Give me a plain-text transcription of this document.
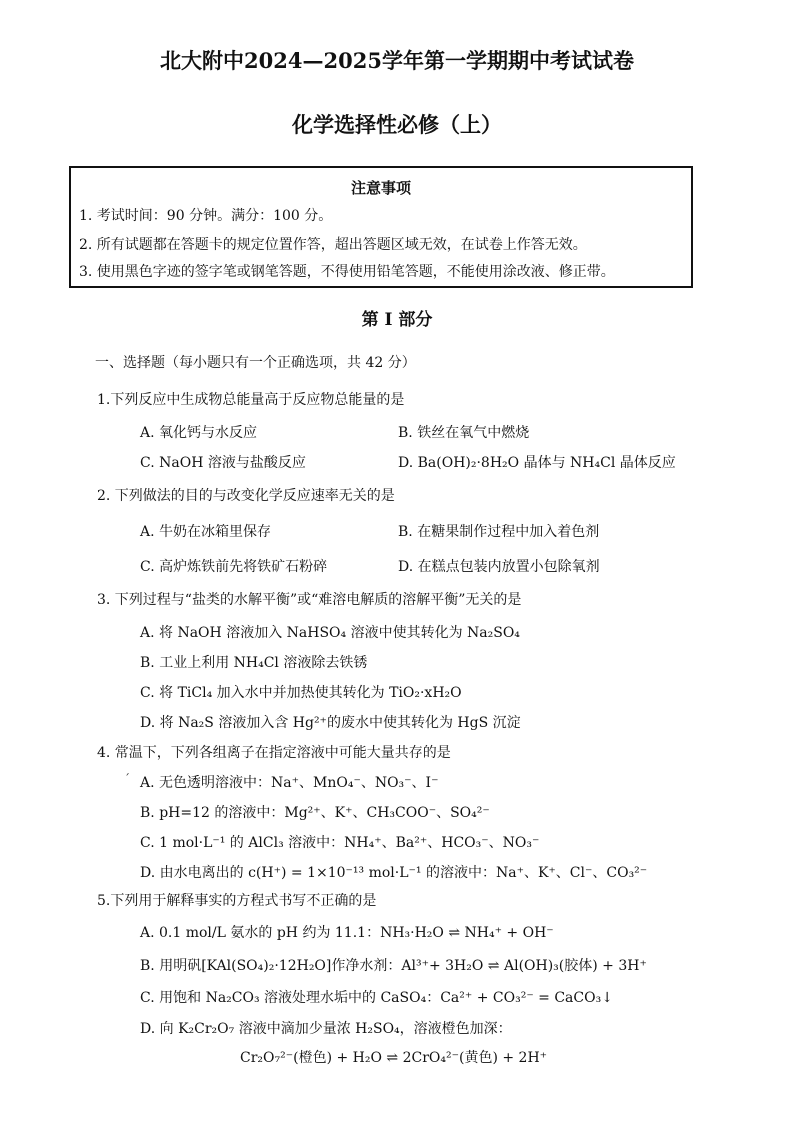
北大附中2024—2025学年第一学期期中考试试卷
化学选择性必修（上）
注意事项
1. 考试时间：90 分钟。满分：100 分。
2. 所有试题都在答题卡的规定位置作答，超出答题区域无效，在试卷上作答无效。
3. 使用黑色字迹的签字笔或钢笔答题，不得使用铅笔答题，不能使用涂改液、修正带。
第 I 部分
一、选择题（每小题只有一个正确选项，共 42 分）
1.下列反应中生成物总能量高于反应物总能量的是
A. 氧化钙与水反应	B. 铁丝在氧气中燃烧
C. NaOH 溶液与盐酸反应	D. Ba(OH)₂·8H₂O 晶体与 NH₄Cl 晶体反应
2. 下列做法的目的与改变化学反应速率无关的是
A. 牛奶在冰箱里保存	B. 在糖果制作过程中加入着色剂
C. 高炉炼铁前先将铁矿石粉碎	D. 在糕点包装内放置小包除氧剂
3. 下列过程与“盐类的水解平衡”或“难溶电解质的溶解平衡”无关的是
A. 将 NaOH 溶液加入 NaHSO₄ 溶液中使其转化为 Na₂SO₄
B. 工业上利用 NH₄Cl 溶液除去铁锈
C. 将 TiCl₄ 加入水中并加热使其转化为 TiO₂·xH₂O
D. 将 Na₂S 溶液加入含 Hg²⁺的废水中使其转化为 HgS 沉淀
4. 常温下，下列各组离子在指定溶液中可能大量共存的是
ˊ A. 无色透明溶液中：Na⁺、MnO₄⁻、NO₃⁻、I⁻
B. pH=12 的溶液中：Mg²⁺、K⁺、CH₃COO⁻、SO₄²⁻
C. 1 mol·L⁻¹ 的 AlCl₃ 溶液中：NH₄⁺、Ba²⁺、HCO₃⁻、NO₃⁻
D. 由水电离出的 c(H⁺) = 1×10⁻¹³ mol·L⁻¹ 的溶液中：Na⁺、K⁺、Cl⁻、CO₃²⁻
5.下列用于解释事实的方程式书写不正确的是
A. 0.1 mol/L 氨水的 pH 约为 11.1：NH₃·H₂O ⇌ NH₄⁺ + OH⁻
B. 用明矾[KAl(SO₄)₂·12H₂O]作净水剂：Al³⁺+ 3H₂O ⇌ Al(OH)₃(胶体) + 3H⁺
C. 用饱和 Na₂CO₃ 溶液处理水垢中的 CaSO₄：Ca²⁺ + CO₃²⁻ = CaCO₃↓
D. 向 K₂Cr₂O₇ 溶液中滴加少量浓 H₂SO₄，溶液橙色加深：
Cr₂O₇²⁻(橙色) + H₂O ⇌ 2CrO₄²⁻(黄色) + 2H⁺
